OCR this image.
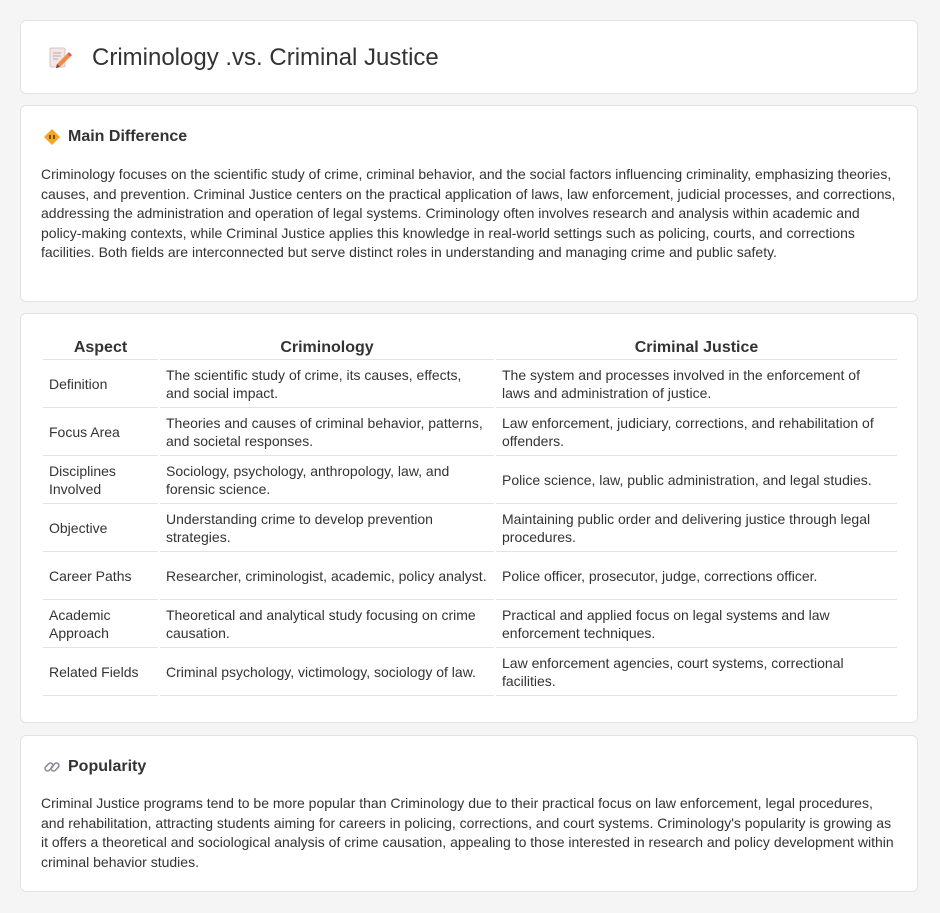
Criminology .vs. Criminal Justice
Main Difference

Criminology focuses on the scientific study of crime, criminal behavior, and the social factors influencing criminality, emphasizing theories, causes, and prevention. Criminal Justice centers on the practical application of laws, law enforcement, judicial processes, and corrections, addressing the administration and operation of legal systems. Criminology often involves research and analysis within academic and policy-making contexts, while Criminal Justice applies this knowledge in real-world settings such as policing, courts, and corrections facilities. Both fields are interconnected but serve distinct roles in understanding and managing crime and public safety.

Aspect	Criminology	Criminal Justice
Definition	The scientific study of crime, its causes, effects, and social impact.	The system and processes involved in the enforcement of laws and administration of justice.
Focus Area	Theories and causes of criminal behavior, patterns, and societal responses.	Law enforcement, judiciary, corrections, and rehabilitation of offenders.
Disciplines Involved	Sociology, psychology, anthropology, law, and forensic science.	Police science, law, public administration, and legal studies.
Objective	Understanding crime to develop prevention strategies.	Maintaining public order and delivering justice through legal procedures.
Career Paths	Researcher, criminologist, academic, policy analyst.	Police officer, prosecutor, judge, corrections officer.
Academic Approach	Theoretical and analytical study focusing on crime causation.	Practical and applied focus on legal systems and law enforcement techniques.
Related Fields	Criminal psychology, victimology, sociology of law.	Law enforcement agencies, court systems, correctional facilities.
Popularity

Criminal Justice programs tend to be more popular than Criminology due to their practical focus on law enforcement, legal procedures, and rehabilitation, attracting students aiming for careers in policing, corrections, and court systems. Criminology's popularity is growing as it offers a theoretical and sociological analysis of crime causation, appealing to those interested in research and policy development within criminal behavior studies.
